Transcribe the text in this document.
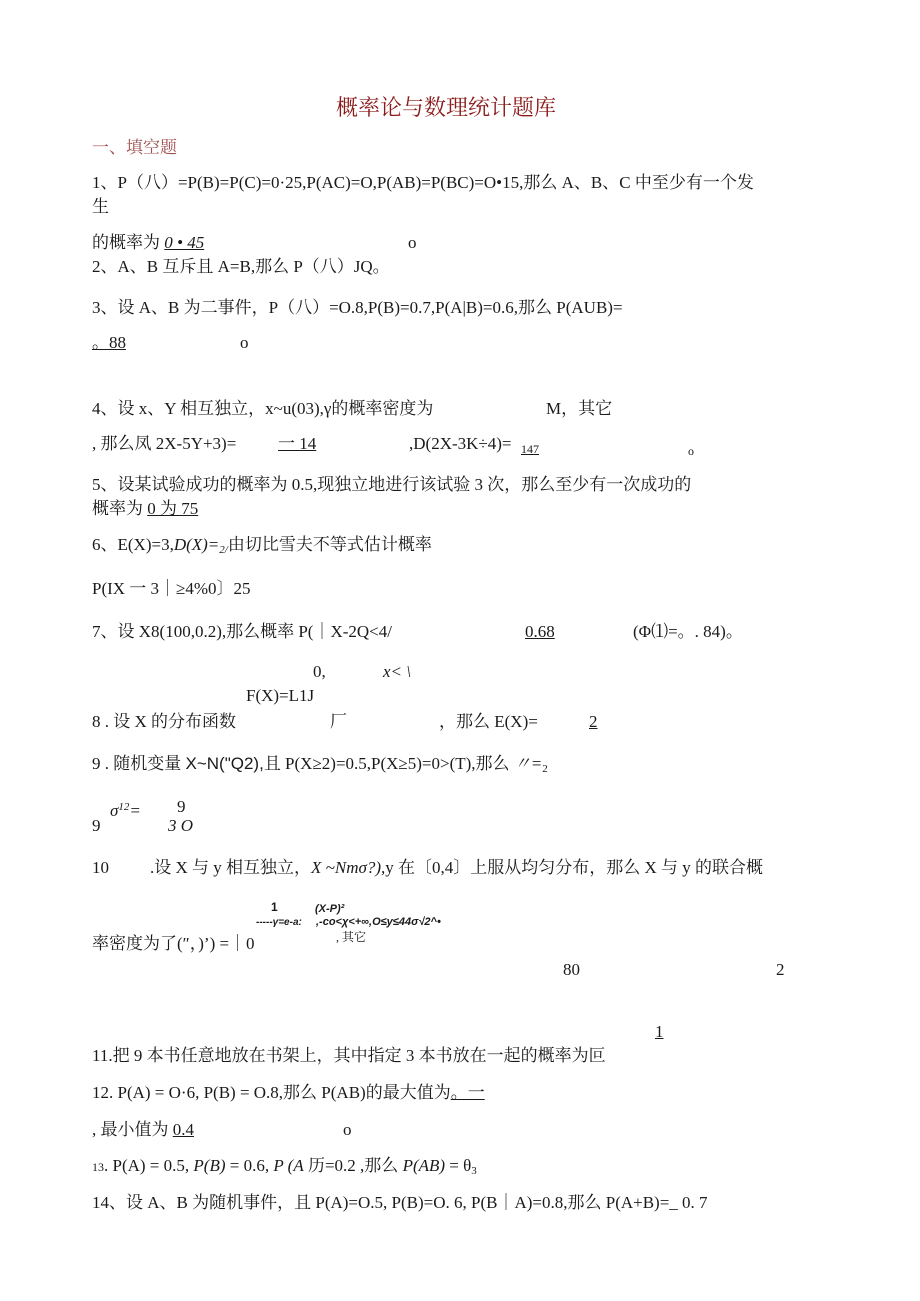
概率论与数理统计题库
一、填空题
1、P（八）=P(B)=P(C)=0·25,P(AC)=O,P(AB)=P(BC)=O•15,那么 A、B、C 中至少有一个发
生
的概率为 0 • 45	o
2、A、B 互斥且 A=B,那么 P（八）JQ。
3、设 A、B 为二事件，P（八）=O.8,P(B)=0.7,P(A|B)=0.6,那么 P(AUB)=
。88	o
4、设 x、Y 相互独立，x~u(03),γ的概率密度为	M，其它
, 那么凤 2X-5Y+3)= 一 14	,D(2X-3K÷4)= 147	o
5、设某试验成功的概率为 0.5,现独立地进行该试验 3 次，那么至少有一次成功的
概率为 0 为 75
6、$E(X)=3,D(X)=_{2/}$由切比雪夫不等式估计概率
P(IX 一 3｜≥4%0〕25
7、设 X8(100,0.2),那么概率 P(｜X-2Q<4/	0.68	(Φ⑴=。. 84)。
0,	x< \
F(X)=L1J
8 . 设 X 的分布函数	厂	，那么 E(X)=	2
9 . 随机变量 X~N("Q2),且 P(X≥2)=0.5,P(X≥5)=0>(T),那么 〃$=_2$
$\sigma^{12}= 9$
9	3 O
10 .设 X 与 y 相互独立，X ~Nmσ?),y 在〔0,4〕上服从均匀分布，那么 X 与 y 的联合概
1	(X-P)²
-----γ=e-a: ,-co<χ<+∞,O≤y≤44σ√2^•
, 其它
率密度为了(″，)’) =｜0
80	2
1
11.把 9 本书任意地放在书架上，其中指定 3 本书放在一起的概率为叵
12. P(A) = O·6, P(B) = O.8,那么 P(AB)的最大值为。一
, 最小值为 0.4	o
13. P(A) = 0.5, P(B) = 0.6, P (A 历=0.2 ,那么 $P(AB) = \theta_3$
14、设 A、B 为随机事件，且 P(A)=O.5, P(B)=O. 6, P(B｜A)=0.8,那么 P(A+B)=_ 0. 7
